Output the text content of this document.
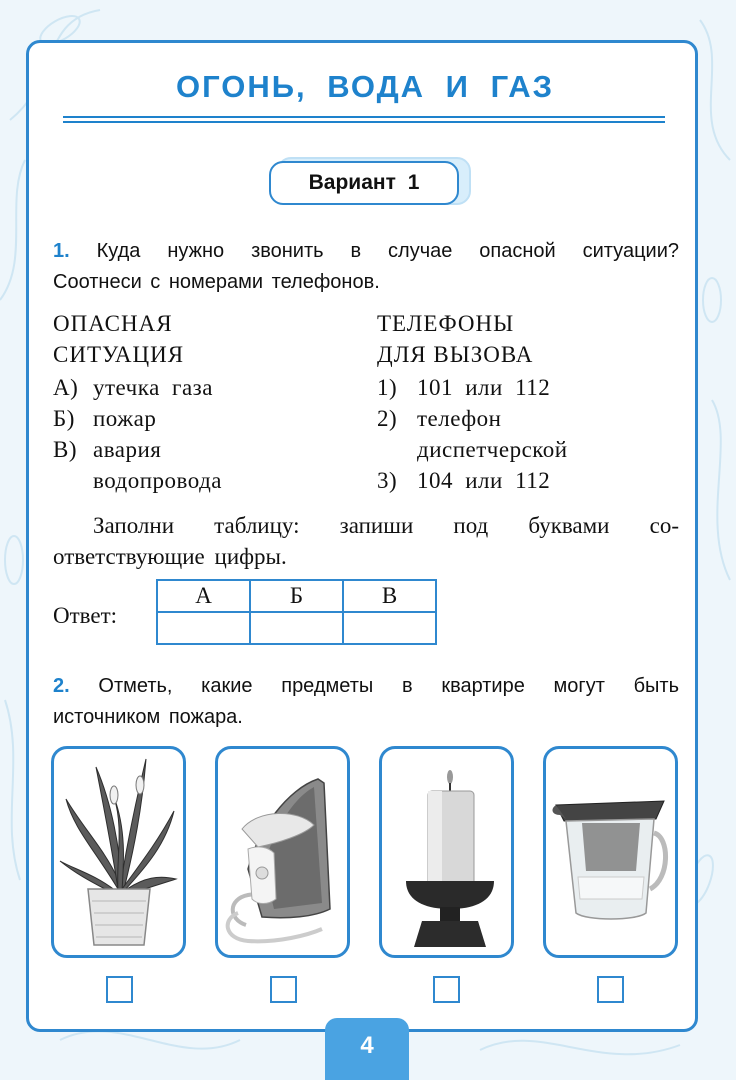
ОГОНЬ, ВОДА И ГАЗ
Вариант 1
1. Куда нужно звонить в случае опасной ситуации?
Соотнеси с номерами телефонов.
ОПАСНАЯ
СИТУАЦИЯ
А) утечка газа
Б) пожар
В) авария
водопровода
ТЕЛЕФОНЫ
ДЛЯ ВЫЗОВА
1) 101 или 112
2) телефон
диспетчерской
3) 104 или 112
Заполни таблицу: запиши под буквами со-
ответствующие цифры.
Ответ:
А	Б	В

2. Отметь, какие предметы в квартире могут быть
источником пожара.
4
